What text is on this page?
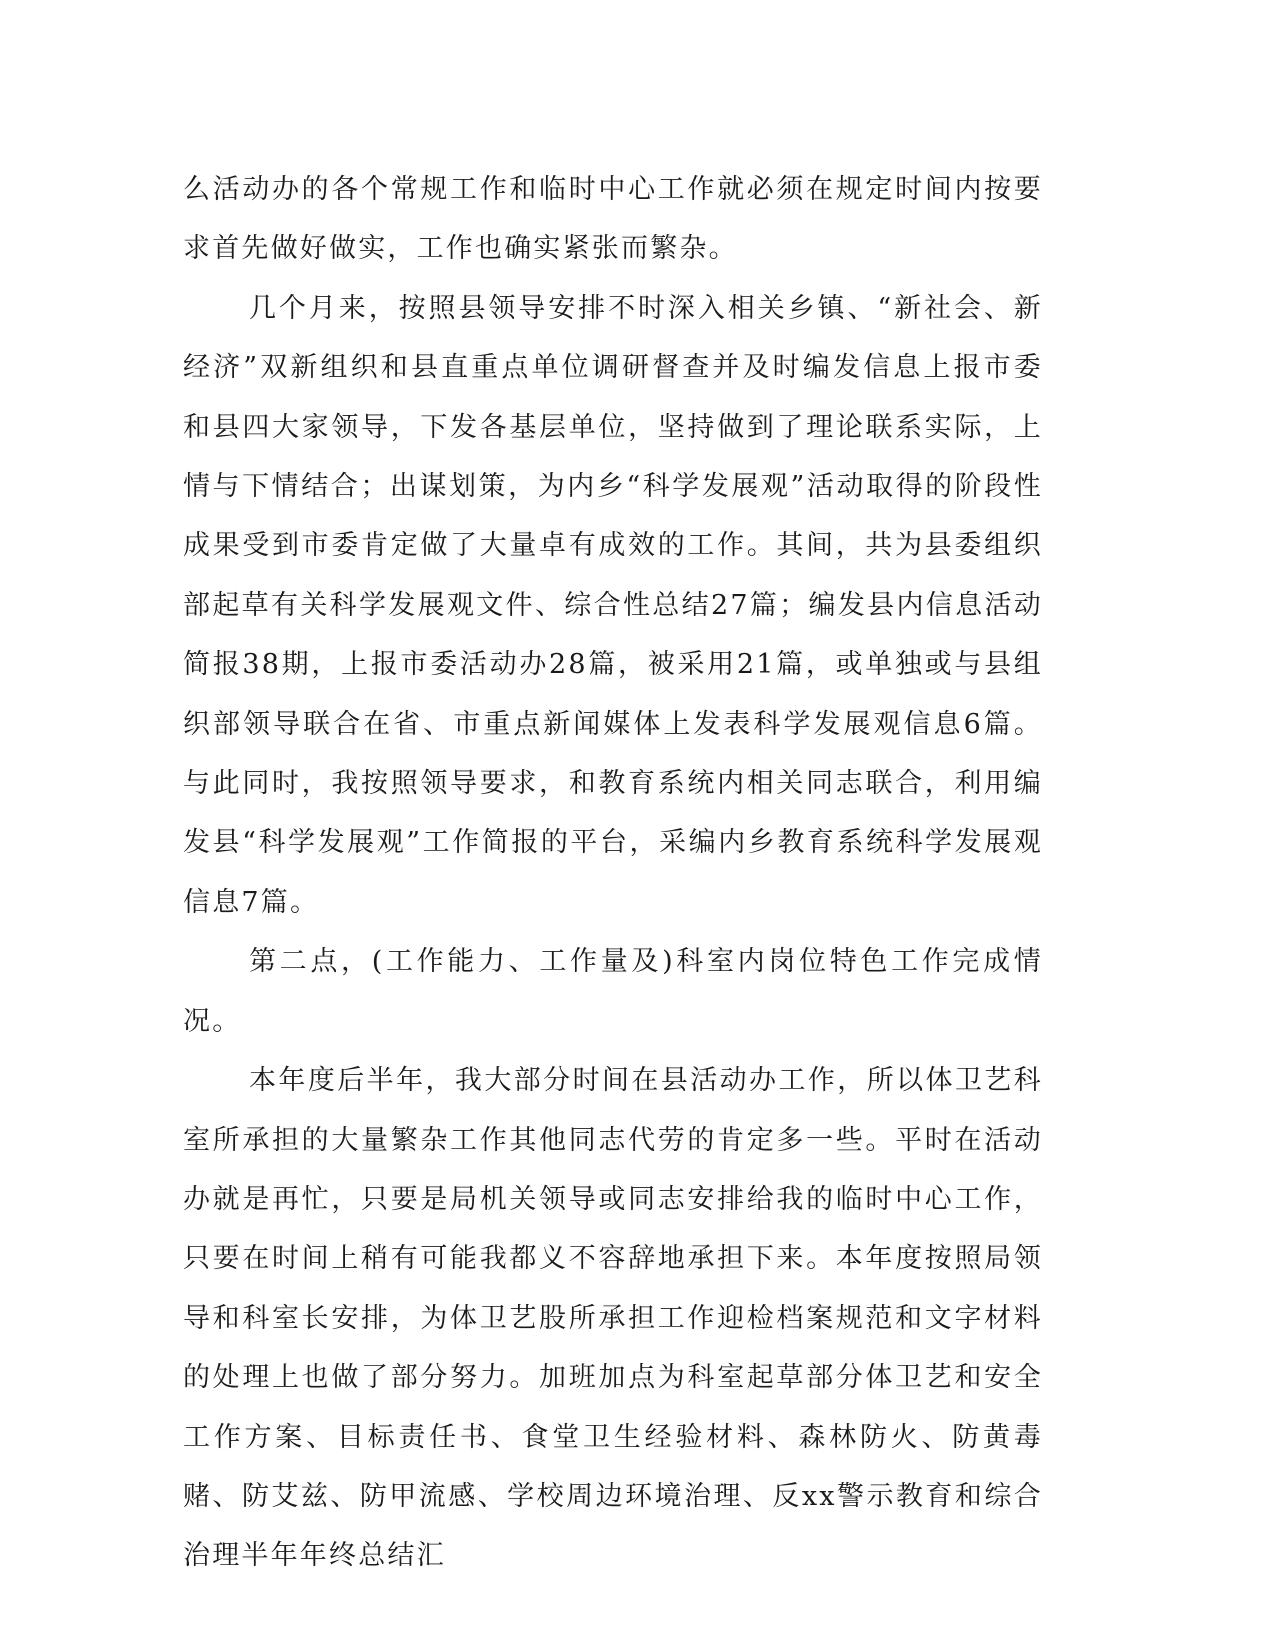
么活动办的各个常规工作和临时中心工作就必须在规定时间内按要求首先做好做实，工作也确实紧张而繁杂。

几个月来，按照县领导安排不时深入相关乡镇、“新社会、新经济”双新组织和县直重点单位调研督查并及时编发信息上报市委和县四大家领导，下发各基层单位，坚持做到了理论联系实际，上情与下情结合；出谋划策，为内乡“科学发展观”活动取得的阶段性成果受到市委肯定做了大量卓有成效的工作。其间，共为县委组织部起草有关科学发展观文件、综合性总结27篇；编发县内信息活动简报38期，上报市委活动办28篇，被采用21篇，或单独或与县组织部领导联合在省、市重点新闻媒体上发表科学发展观信息6篇。与此同时，我按照领导要求，和教育系统内相关同志联合，利用编发县“科学发展观”工作简报的平台，采编内乡教育系统科学发展观信息7篇。

第二点，(工作能力、工作量及)科室内岗位特色工作完成情况。

本年度后半年，我大部分时间在县活动办工作，所以体卫艺科室所承担的大量繁杂工作其他同志代劳的肯定多一些。平时在活动办就是再忙，只要是局机关领导或同志安排给我的临时中心工作，只要在时间上稍有可能我都义不容辞地承担下来。本年度按照局领导和科室长安排，为体卫艺股所承担工作迎检档案规范和文字材料的处理上也做了部分努力。加班加点为科室起草部分体卫艺和安全工作方案、目标责任书、食堂卫生经验材料、森林防火、防黄毒赌、防艾兹、防甲流感、学校周边环境治理、反xx警示教育和综合治理半年年终总结汇
